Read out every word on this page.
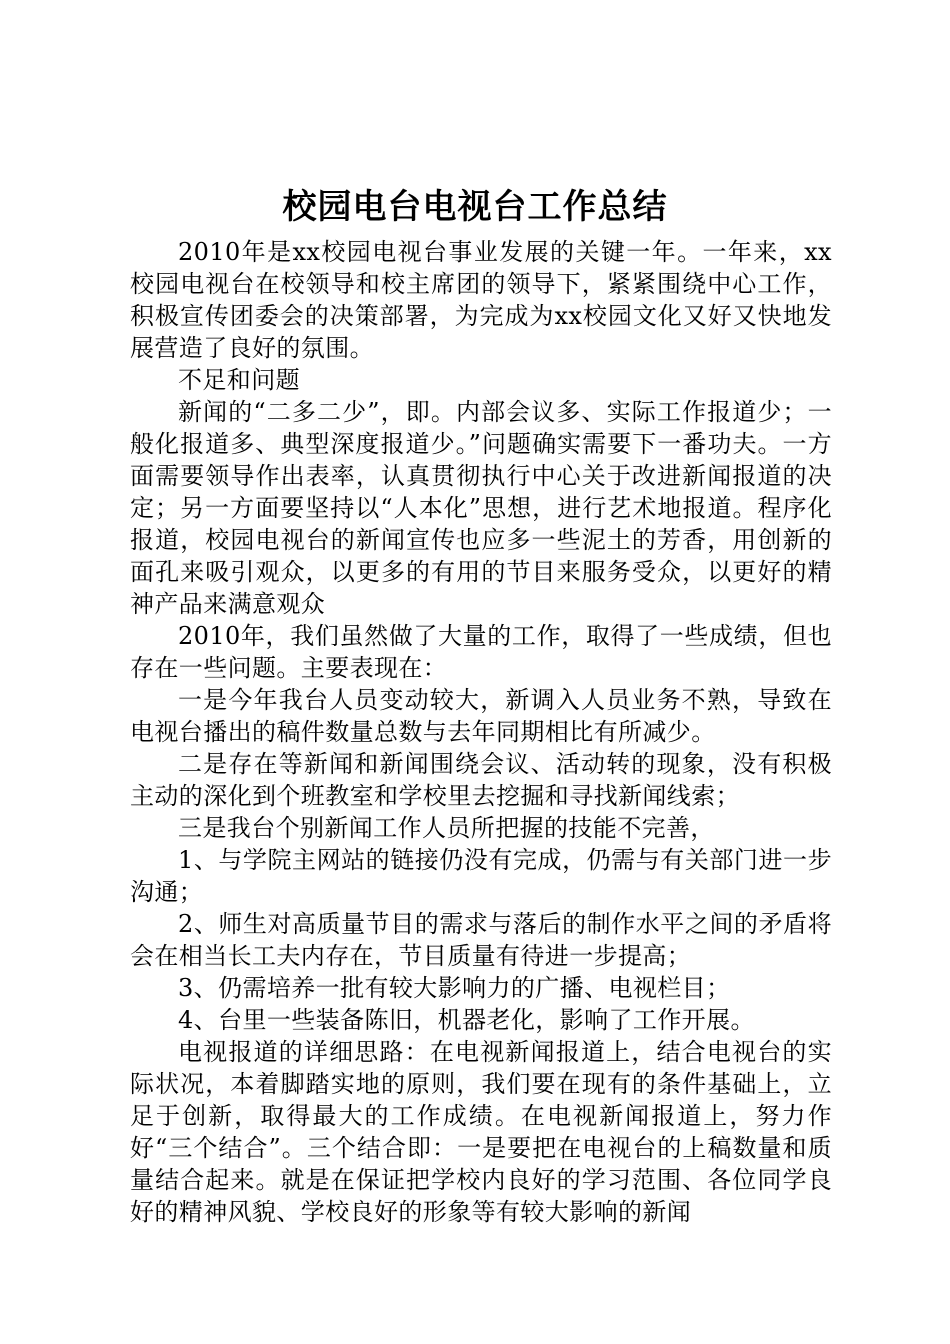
校园电台电视台工作总结

2010年是xx校园电视台事业发展的关键一年。一年来，xx校园电视台在校领导和校主席团的领导下，紧紧围绕中心工作，积极宣传团委会的决策部署，为完成为xx校园文化又好又快地发展营造了良好的氛围。

不足和问题

新闻的“二多二少”，即。内部会议多、实际工作报道少；一般化报道多、典型深度报道少。”问题确实需要下一番功夫。一方面需要领导作出表率，认真贯彻执行中心关于改进新闻报道的决定；另一方面要坚持以“人本化”思想，进行艺术地报道。程序化报道，校园电视台的新闻宣传也应多一些泥土的芳香，用创新的面孔来吸引观众，以更多的有用的节目来服务受众，以更好的精神产品来满意观众

2010年，我们虽然做了大量的工作，取得了一些成绩，但也存在一些问题。主要表现在：

一是今年我台人员变动较大，新调入人员业务不熟，导致在电视台播出的稿件数量总数与去年同期相比有所减少。

二是存在等新闻和新闻围绕会议、活动转的现象，没有积极主动的深化到个班教室和学校里去挖掘和寻找新闻线索；

三是我台个别新闻工作人员所把握的技能不完善，

1、与学院主网站的链接仍没有完成，仍需与有关部门进一步沟通；

2、师生对高质量节目的需求与落后的制作水平之间的矛盾将会在相当长工夫内存在，节目质量有待进一步提高；

3、仍需培养一批有较大影响力的广播、电视栏目；

4、台里一些装备陈旧，机器老化，影响了工作开展。

电视报道的详细思路：在电视新闻报道上，结合电视台的实际状况，本着脚踏实地的原则，我们要在现有的条件基础上，立足于创新，取得最大的工作成绩。在电视新闻报道上，努力作好“三个结合”。三个结合即：一是要把在电视台的上稿数量和质量结合起来。就是在保证把学校内良好的学习范围、各位同学良好的精神风貌、学校良好的形象等有较大影响的新闻
